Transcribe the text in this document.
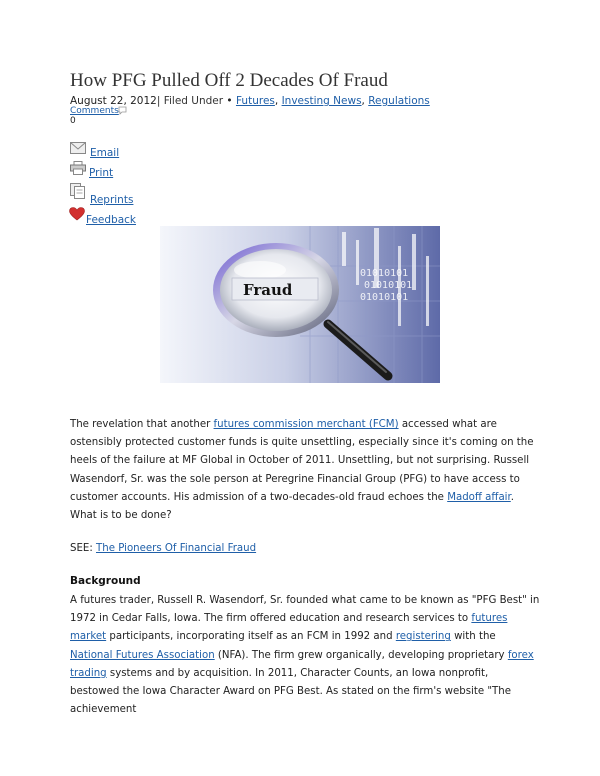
How PFG Pulled Off 2 Decades Of Fraud
August 22, 2012| Filed Under • Futures, Investing News, Regulations
Comments
0
Email
Print
Reprints
Feedback
01010101
01010101
01010101
Fraud
The revelation that another futures commission merchant (FCM) accessed what are ostensibly protected customer funds is quite unsettling, especially since it's coming on the heels of the failure at MF Global in October of 2011. Unsettling, but not surprising. Russell Wasendorf, Sr. was the sole person at Peregrine Financial Group (PFG) to have access to customer accounts. His admission of a two-decades-old fraud echoes the Madoff affair. What is to be done?
SEE: The Pioneers Of Financial Fraud
Background
A futures trader, Russell R. Wasendorf, Sr. founded what came to be known as "PFG Best" in 1972 in Cedar Falls, Iowa. The firm offered education and research services to futures market participants, incorporating itself as an FCM in 1992 and registering with the National Futures Association (NFA). The firm grew organically, developing proprietary forex trading systems and by acquisition. In 2011, Character Counts, an Iowa nonprofit, bestowed the Iowa Character Award on PFG Best. As stated on the firm's website "The achievement
